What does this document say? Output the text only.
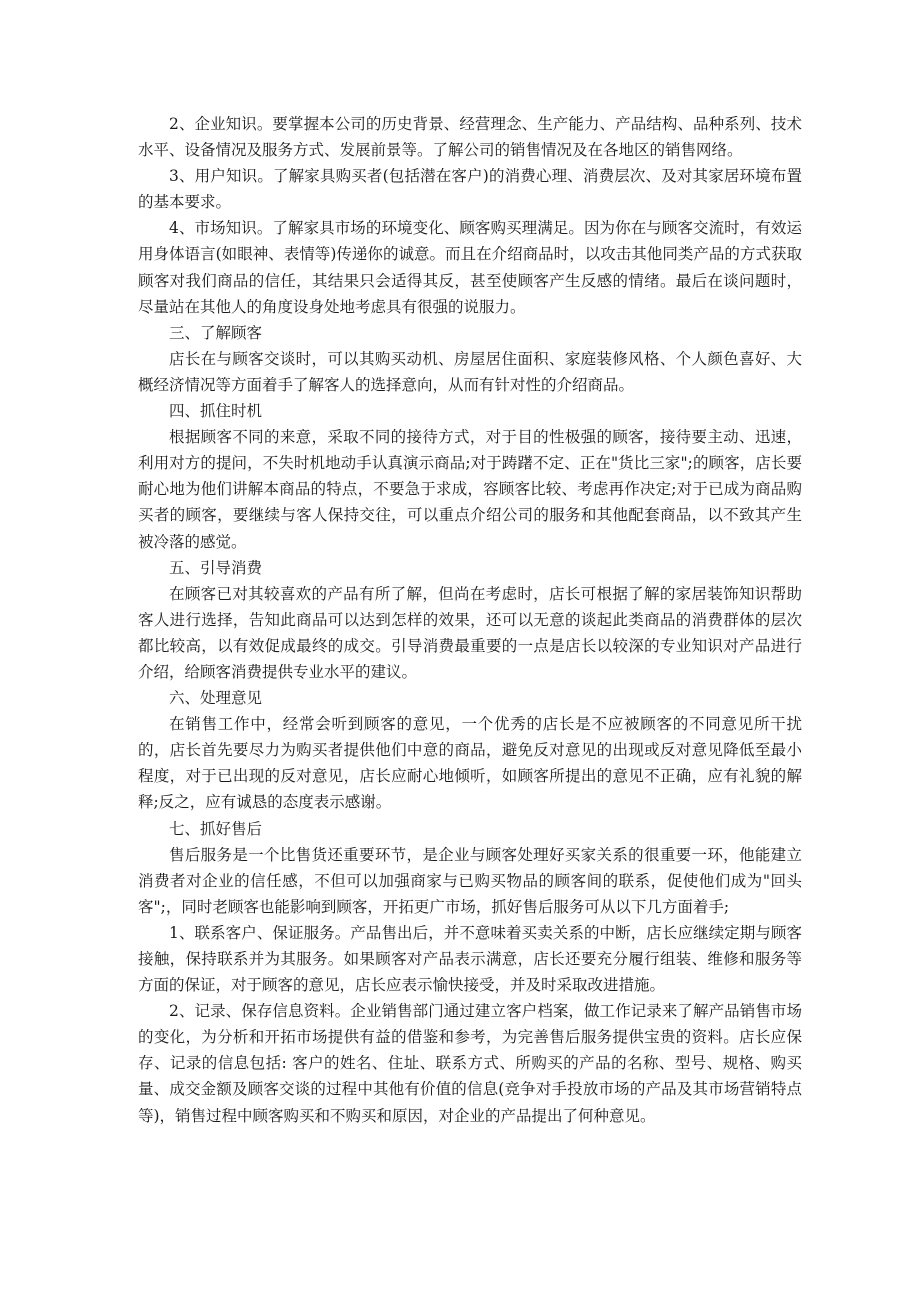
2、企业知识。要掌握本公司的历史背景、经营理念、生产能力、产品结构、品种系列、技术水平、设备情况及服务方式、发展前景等。了解公司的销售情况及在各地区的销售网络。

3、用户知识。了解家具购买者(包括潜在客户)的消费心理、消费层次、及对其家居环境布置的基本要求。

4、市场知识。了解家具市场的环境变化、顾客购买理满足。因为你在与顾客交流时，有效运用身体语言(如眼神、表情等)传递你的诚意。而且在介绍商品时，以攻击其他同类产品的方式获取顾客对我们商品的信任，其结果只会适得其反，甚至使顾客产生反感的情绪。最后在谈问题时，尽量站在其他人的角度设身处地考虑具有很强的说服力。

三、了解顾客

店长在与顾客交谈时，可以其购买动机、房屋居住面积、家庭装修风格、个人颜色喜好、大概经济情况等方面着手了解客人的选择意向，从而有针对性的介绍商品。

四、抓住时机

根据顾客不同的来意，采取不同的接待方式，对于目的性极强的顾客，接待要主动、迅速，利用对方的提问，不失时机地动手认真演示商品;对于踌躇不定、正在"货比三家";的顾客，店长要耐心地为他们讲解本商品的特点，不要急于求成，容顾客比较、考虑再作决定;对于已成为商品购买者的顾客，要继续与客人保持交往，可以重点介绍公司的服务和其他配套商品，以不致其产生被冷落的感觉。

五、引导消费

在顾客已对其较喜欢的产品有所了解，但尚在考虑时，店长可根据了解的家居装饰知识帮助客人进行选择，告知此商品可以达到怎样的效果，还可以无意的谈起此类商品的消费群体的层次都比较高，以有效促成最终的成交。引导消费最重要的一点是店长以较深的专业知识对产品进行介绍，给顾客消费提供专业水平的建议。

六、处理意见

在销售工作中，经常会听到顾客的意见，一个优秀的店长是不应被顾客的不同意见所干扰的，店长首先要尽力为购买者提供他们中意的商品，避免反对意见的出现或反对意见降低至最小程度，对于已出现的反对意见，店长应耐心地倾听，如顾客所提出的意见不正确，应有礼貌的解释;反之，应有诚恳的态度表示感谢。

七、抓好售后

售后服务是一个比售货还重要环节，是企业与顾客处理好买家关系的很重要一环，他能建立消费者对企业的信任感，不但可以加强商家与已购买物品的顾客间的联系，促使他们成为"回头客";，同时老顾客也能影响到顾客，开拓更广市场，抓好售后服务可从以下几方面着手;

1、联系客户、保证服务。产品售出后，并不意味着买卖关系的中断，店长应继续定期与顾客接触，保持联系并为其服务。如果顾客对产品表示满意，店长还要充分履行组装、维修和服务等方面的保证，对于顾客的意见，店长应表示愉快接受，并及时采取改进措施。

2、记录、保存信息资料。企业销售部门通过建立客户档案，做工作记录来了解产品销售市场的变化，为分析和开拓市场提供有益的借鉴和参考，为完善售后服务提供宝贵的资料。店长应保存、记录的信息包括: 客户的姓名、住址、联系方式、所购买的产品的名称、型号、规格、购买量、成交金额及顾客交谈的过程中其他有价值的信息(竞争对手投放市场的产品及其市场营销特点等)，销售过程中顾客购买和不购买和原因，对企业的产品提出了何种意见。
